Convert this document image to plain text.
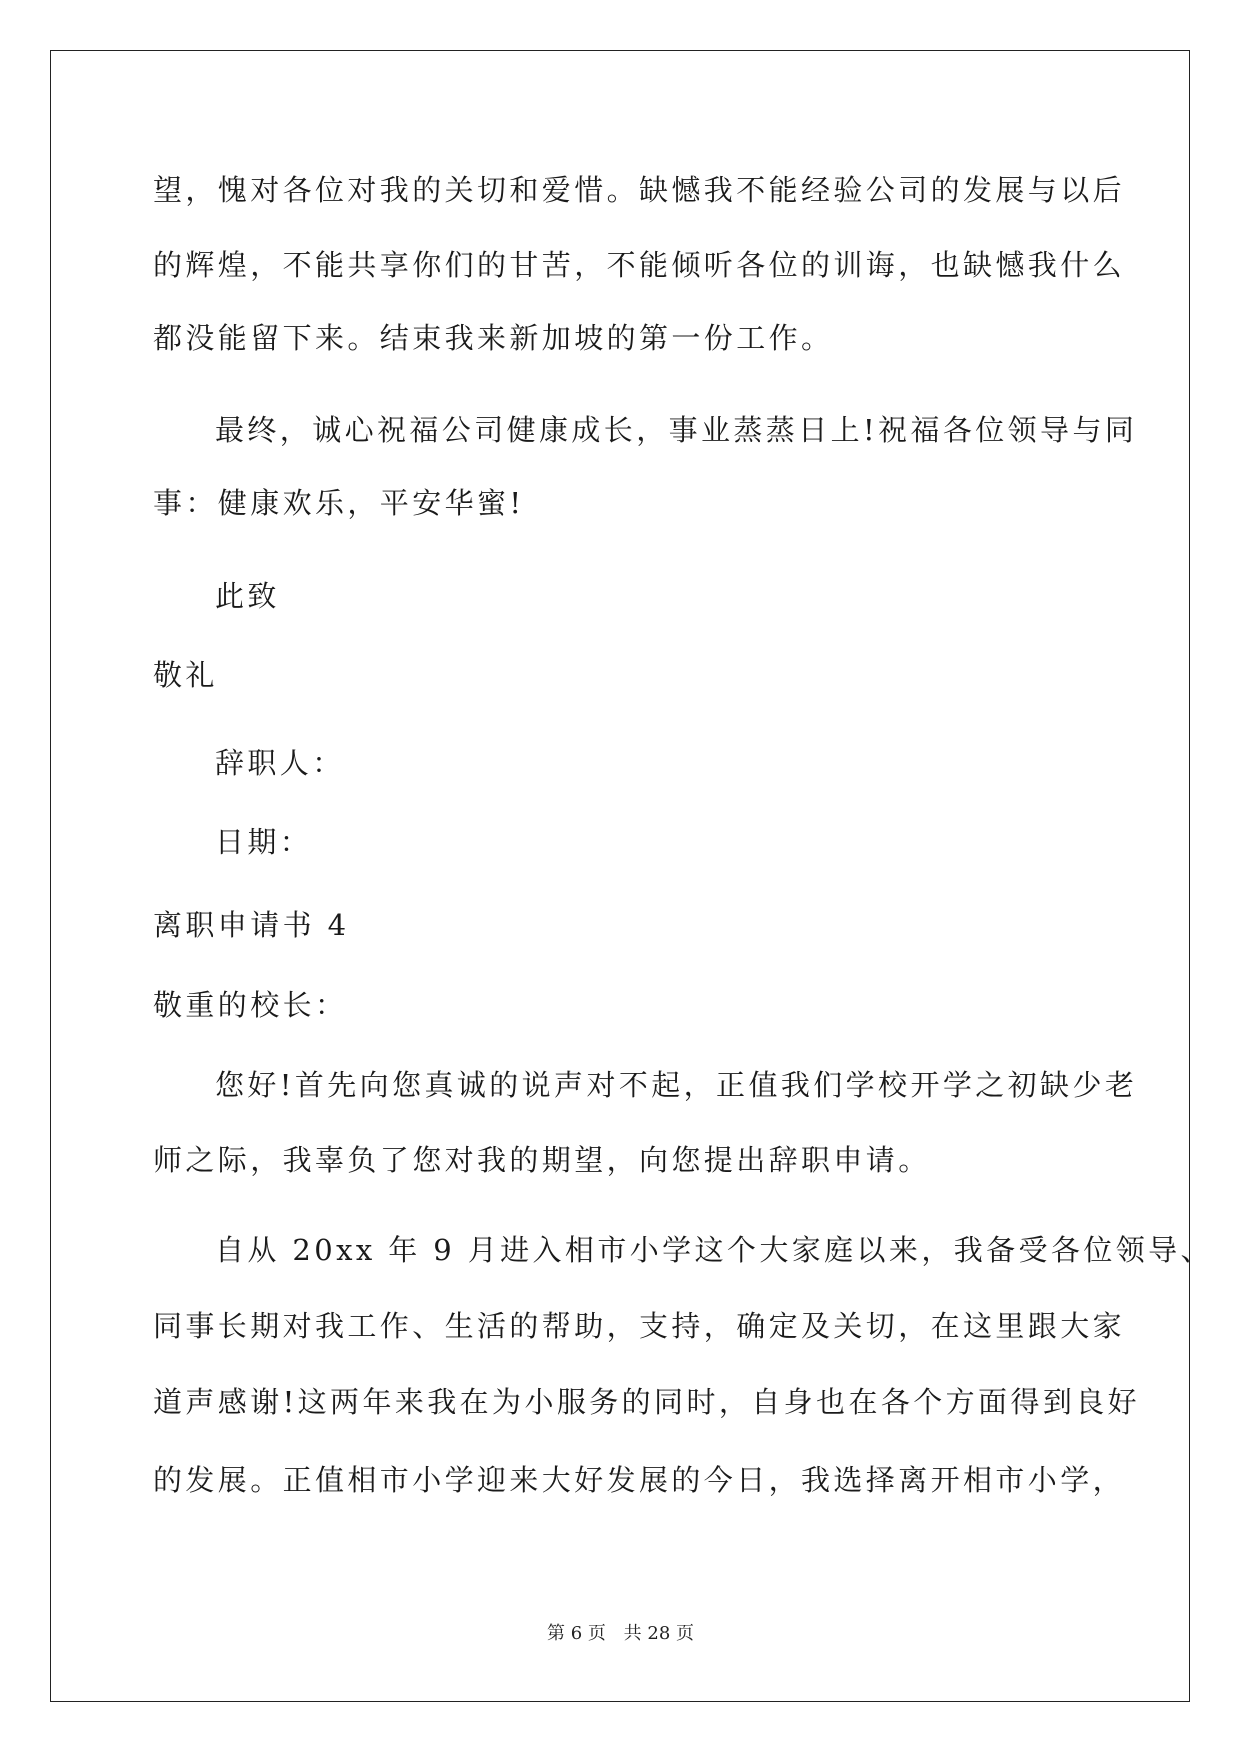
望，愧对各位对我的关切和爱惜。缺憾我不能经验公司的发展与以后
的辉煌，不能共享你们的甘苦，不能倾听各位的训诲，也缺憾我什么
都没能留下来。结束我来新加坡的第一份工作。
最终，诚心祝福公司健康成长，事业蒸蒸日上!祝福各位领导与同
事：健康欢乐，平安华蜜!
此致
敬礼
辞职人：
日期：
离职申请书 4
敬重的校长：
您好!首先向您真诚的说声对不起，正值我们学校开学之初缺少老
师之际，我辜负了您对我的期望，向您提出辞职申请。
自从 20xx 年 9 月进入相市小学这个大家庭以来，我备受各位领导、
同事长期对我工作、生活的帮助，支持，确定及关切，在这里跟大家
道声感谢!这两年来我在为小服务的同时，自身也在各个方面得到良好
的发展。正值相市小学迎来大好发展的今日，我选择离开相市小学，
第 6 页 共 28 页
